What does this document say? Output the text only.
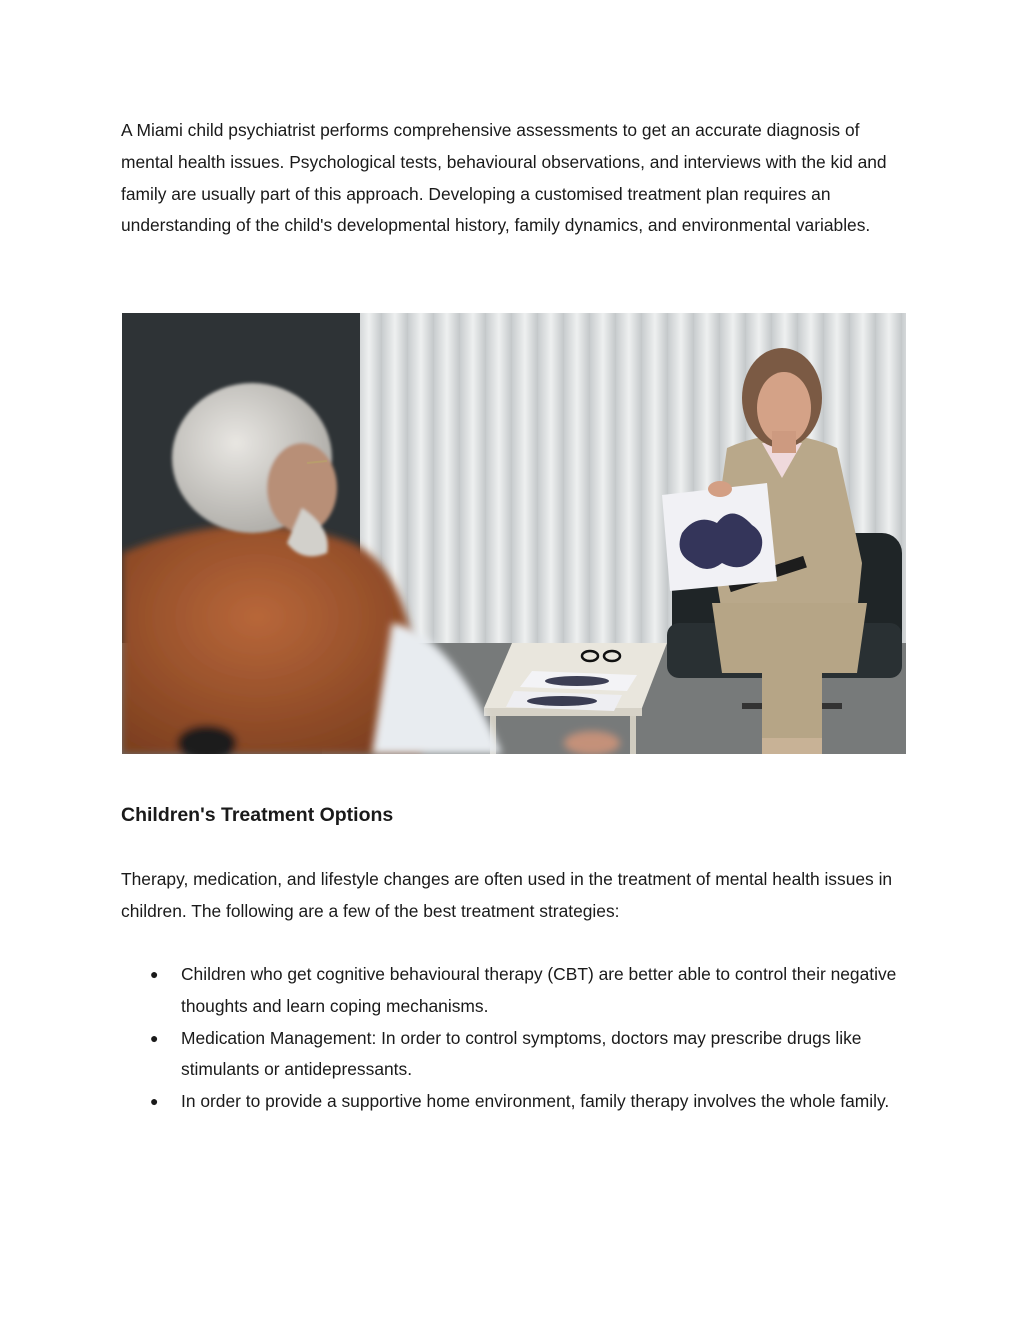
A Miami child psychiatrist performs comprehensive assessments to get an accurate diagnosis of mental health issues. Psychological tests, behavioural observations, and interviews with the kid and family are usually part of this approach. Developing a customised treatment plan requires an understanding of the child's developmental history, family dynamics, and environmental variables.

Children's Treatment Options

Therapy, medication, and lifestyle changes are often used in the treatment of mental health issues in children. The following are a few of the best treatment strategies:

● Children who get cognitive behavioural therapy (CBT) are better able to control their negative thoughts and learn coping mechanisms.
● Medication Management: In order to control symptoms, doctors may prescribe drugs like stimulants or antidepressants.
● In order to provide a supportive home environment, family therapy involves the whole family.
